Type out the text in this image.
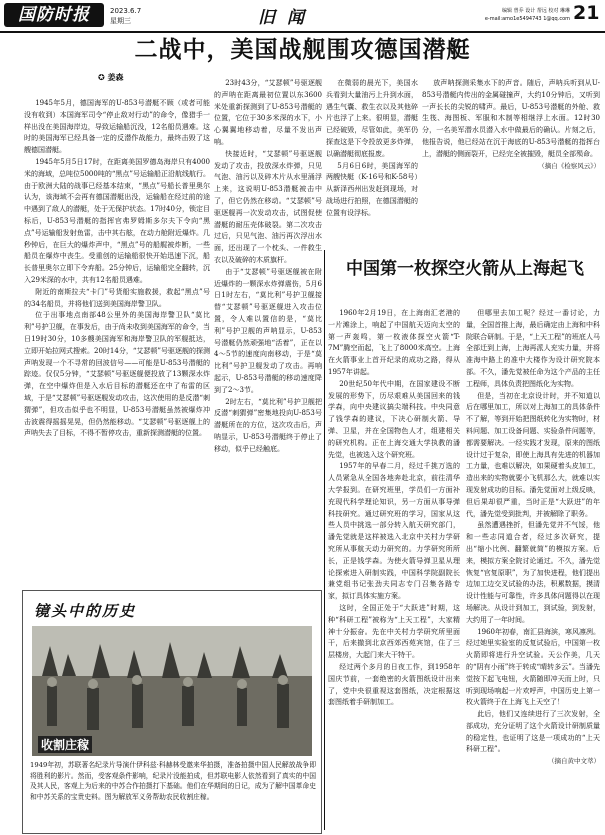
国防时报	2023.6.7
星期三	旧闻	编辑 曾乔 设计 帮远 校对 琳琳
e-mail:amo1e5494743 1@qq.com 21
二战中，美国战舰围攻德国潜艇
✪ 姜森

1945年5月，德国海军的U-853号潜艇不顾（或者可能没有收到）本国海军司令“停止敌对行动”的命令，像猎手一样出没在美国海岸边，导致运输船沉没，12名船员遇难。这时的美国海军已经具备一定的反潜作战能力，最终击毁了这艘德国潜艇。

1945年5月5日17时，在距离美国罗德岛海岸只有4000米的海域，总吨位5000吨的“黑点”号运输船正沿航线航行。由于欧洲大陆的战事已经基本结束，“黑点”号船长普里奥尔认为，该海域不会再有德国潜艇出没，运输船在经过前的途中遇到了敌人的潜艇，处于无保护状态。17时40分，锁定目标后，U-853号潜艇的指挥官弗罗姆斯多尔夫下令向“黑点”号运输船发射鱼雷，击中其右舷，在动力舱附近爆炸。几秒钟后，在巨大的爆炸声中，“黑点”号的船艉被炸断，一些船员在爆炸中丧生。受重创的运输船很快开始迅速下沉，船长普里奥尔立即下令弃船。25分钟后，运输船完全翻转，沉入29米深的水中，共有12名船员遇难。

附近的南斯拉夫“卡门”号货船实施救援，救起“黑点”号的34名船员，并将他们送到美国海岸警卫队。

位于出事地点南部48公里外的美国海岸警卫队“莫比利”号护卫舰，在事发后，由于尚未收到美国海军的命令，当日19时30分，10多艘美国海军和海岸警卫队的军舰抵达，立即开始拉网式搜索。20时14分，“艾瑟顿”号驱逐舰的探测声呐发现一个不寻常的回波信号——可能是U-853号潜艇的踪迹。仅仅5分钟，“艾瑟顿”号驱逐舰便投放了13颗深水炸弹，在空中爆炸但是入水后目标的潜艇还在中了布雷的区域，于是“艾瑟顿”号驱逐舰发动攻击，这次使用的是反潜“刺猬弹”，但攻击似乎也不明显，U-853号潜艇虽然被爆炸冲击波震得摇摇晃晃，但仍然能移动。“艾瑟顿”号驱逐舰上的声呐失去了目标，不得不暂停攻击，重新探测潜艇的位置。

23时43分，“艾瑟顿”号驱逐舰的声呐在距离最初位置以东3600米处重新探测到了U-853号潜艇的位置，它位于30多米深的水下，小心翼翼地移动着，尽量不发出声响。

快接近时，“艾瑟顿”号驱逐舰发动了攻击，投放深水炸弹，只见气泡、油污以及碎木片从水里涌浮上来，这说明U-853潜艇被击中了，但它仍然在移动。“艾瑟顿”号驱逐舰再一次发动攻击，试图促使潜艇的耐压壳体破裂。第二次攻击过后，只见气泡、油污再次浮出水面，还出现了一个枕头、一件救生衣以及破碎的木质旗杆。

由于“艾瑟顿”号驱逐舰被在附近爆炸的一颗深水炸弹震伤，5月6日1时左右，“莫比利”号护卫舰接替“艾瑟顿”号驱逐舰进入攻击位置，令人难以置信的是，“莫比利”号护卫舰的声呐显示，U-853号潜艇仍然顽强地“活着”，正在以4～5节的速度向南移动，于是“莫比利”号护卫舰发动了攻击。再响起示，U-853号潜艇的移动速度降到了2～3节。

2时左右，“莫比利”号护卫舰把反潜“刺猬弹”密集地投向U-853号潜艇所在的方位，这次攻击后，声呐显示，U-853号潜艇终于停止了移动，似乎已经触底。

在微弱的晨光下，美国水兵看到大量油污上升到水面，遇生气囊、救生衣以及其他碎片也浮了上来。很明显，潜艇已经破毁，尽管如此，美军仍探查这是下令投放更多炸弹，以确潜艇彻底报废。

5月6日6时，美国海军的两艘快艇（K-16号和K-58号）从新泽西州出发赶到现场，对战场进行拍照，在德国潜艇的位置有设浮标。

放声呐探测采集水下的声音。随后，声呐兵听到从U-853号潜艇内传出的金属碰撞声，大约10分钟后，又听到一声长长的尖锐的啸声。最后，U-853号潜艇的外舱、救生筏、海图板、军服和木制等相继浮上水面。12时30分，一名美军潜水员潜入水中做最后的确认。片刻之后，他报告说，他已经站在沉于海底的U-853号潜艇的指挥台上，潜艇的侧面裂开，已经完全被摧毁，艇员全部殒命。

（摘自《检察风云》）
中国第一枚探空火箭从上海起飞

1960年2月19日，在上海南汇老港的一片滩涂上，响起了中国航天迈向太空的第一声轰鸣，第一枚液体探空火箭“T-7M”腾空而起，飞上了8000米高空。上海在火箭事业上首开纪录的成功之路，得从1957年讲起。

20世纪50年代中期，在国家建设不断发展的形势下，历尽艰难从美国回来的钱学森，向中央建议搞尖端科技。中央同意了钱学森的建议，下决心研制火箭、导弹、卫星，并在全国物色人才，组建相关的研究机构。正在上海交通大学执教的潘先觉，也被选入这个研究班。

1957年的早春二月，经过千挑万选的人员紧急从全国各地奔赴北京，前往清华大学报到。在研究班里，学员们一方面补充现代科学理论知识，另一方面从事导弹科技研究。通过研究班的学习，国家从这些人员中挑选一部分转入航天研究部门，潘先觉就是这样被选入北京中关村力学研究所从事航天动力研究的。力学研究所所长，正是钱学森。为使火箭导弹卫星从理论探索进入研制实践，中国科学院副院长兼党组书记张劲夫同志专门召集各路专家，拟订具体实施方案。

这时，全国正处于“大跃进”时期，这种“科研工程”被称为“上天工程”，大家精神十分振奋。先在中关村力学研究所里面干，后来撤到北京西郊西苑宾馆，住了三层楼房，大起门来大干特干。

经过两个多月的日夜工作，到1958年国庆节前，一套绝密的火箭图纸设计出来了，党中央很重视这套图纸，决定根据这套图纸着手研制加工。

但哪里去加工呢？经过一番讨论，力量，全国首推上海，最后确定由上海和中科院联合研制。于是，“上天工程”的班底人马全部迁到上海，上海再派人充实力量，并将准海中路上的准中大楼作为设计研究院本部。不久，潘先觉被任命为这个产品的主任工程师，具体负责把图纸化为实物。

但是，当初在北京设计时，并不知道以后在哪里加工，所以对上海加工的具体条件不了解，等到开始把图纸转化为实物时，材料问题、加工设备问题、实验条件问题等，都需要解决。一经实践才发现，原来的图纸设计过于复杂，即使上海具有先进的机器加工力量，也难以解决，如果硬着头皮加工，造出来的实物就要小飞机那么大，就难以实现发射成功的目标。潘先觉面对上级反映，但后果却很严重，当时正是“大跃进”的年代，潘先觉受到批判，并被解除了职务。

虽然遭遇挫折，但潘先觉并不气馁，他和一些志同道合者，经过多次研究，提出“缩小比例、翻繁就简”的模拟方案。后来，模拟方案全院讨论通过。不久，潘先觉恢复“官复原职”，为了加快进程，他们提出边加工边交叉试验的办法，积累数据，摸清设计性能与可靠性，许多具体问题得以在现场解决。从设计到加工，到试验，到发射，大约用了一年时间。

1960年初春，南汇县海滨，寒风凛冽。经过她里实验室的反复试验后，中国第一枚火箭即将进行升空试验。天公作美，几天的“阴有小雨”终于转成“晴转多云”。当潘先觉按下起飞电钮，火箭随即冲天而上时，只听到现场响起一片欢呼声，中国历史上第一枚火箭终于在上海飞上天空了！

此后，他们又连续进行了三次发射，全部成功，充分证明了这个火箭设计研制质量的稳定性，也证明了这是一项成功的“上天科研工程”。

（摘自黄中文萃）
镜头中的历史
收割庄稼
1949年初，苏联著名纪录片导演什伊科兹·科赫林受邀来华拍摄，准备拍摄中国人民解放战争即将胜利的影片。然而，受客观条件影响，纪录片没能拍成，但苏联电影人依然看到了真实的中国及其人民，客观上为后来的中苏合作拍摄打下基础。他们在华期间的日记，成为了解中国革命史和中苏关系的宝贵史料。图为解放军义务帮助农民收割庄稼。
